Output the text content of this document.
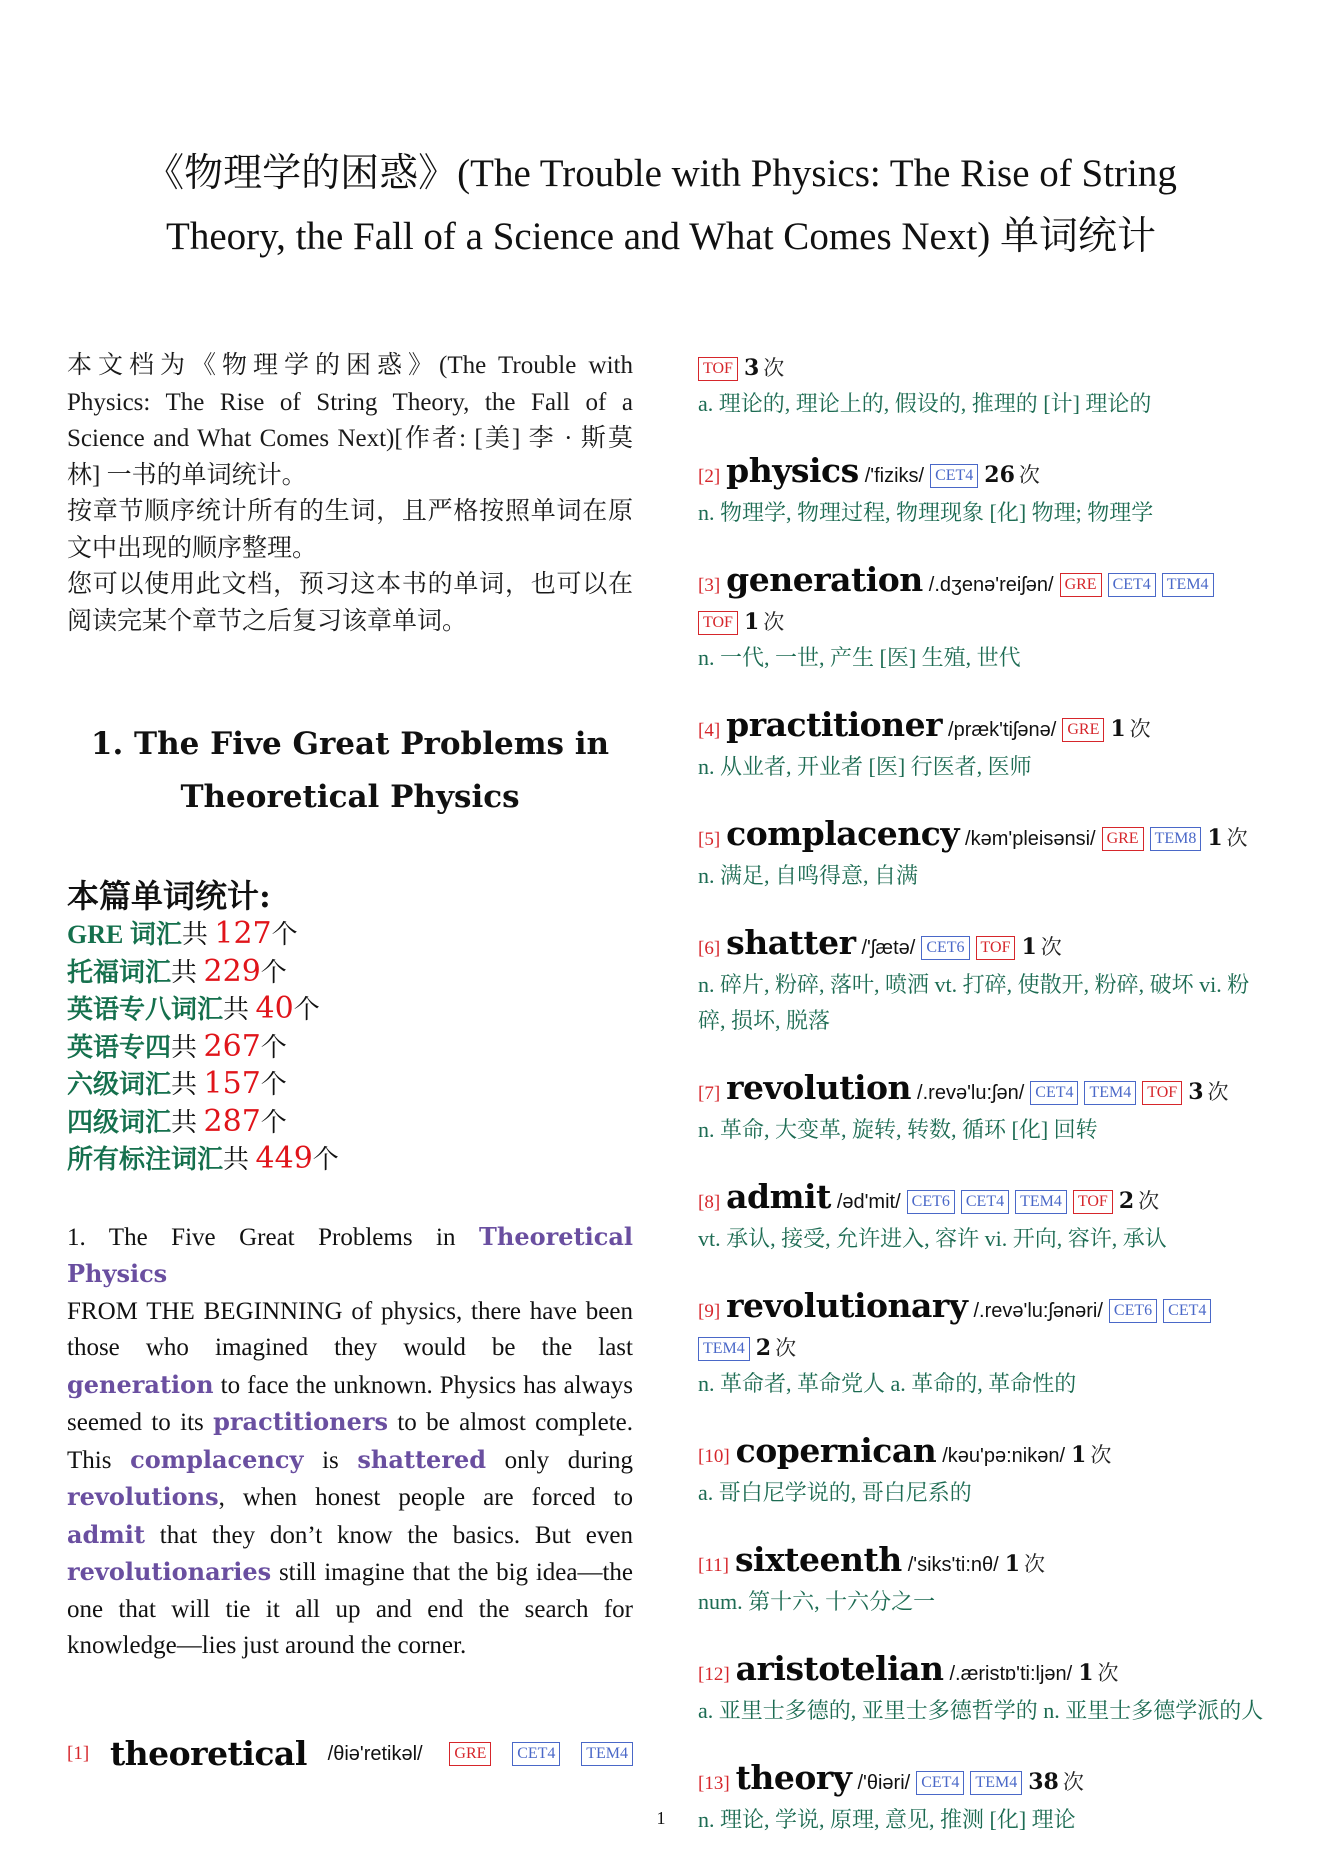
《物理学的困惑》(The Trouble with Physics: The Rise of String
Theory, the Fall of a Science and What Comes Next) 单词统计

本文档为《物理学的困惑》(The Trouble with Physics: The Rise of String Theory, the Fall of a Science and What Comes Next)[作者: [美] 李 · 斯莫林] 一书的单词统计。

按章节顺序统计所有的生词，且严格按照单词在原文中出现的顺序整理。

您可以使用此文档，预习这本书的单词，也可以在阅读完某个章节之后复习该章单词。

1. The Five Great Problems in
Theoretical Physics
本篇单词统计:
GRE 词汇共 127个
托福词汇共 229个
英语专八词汇共 40个
英语专四共 267个
六级词汇共 157个
四级词汇共 287个
所有标注词汇共 449个
1. The Five Great Problems in Theoretical Physics
FROM THE BEGINNING of physics, there have been those who imagined they would be the last generation to face the unknown. Physics has always seemed to its practitioners to be almost complete. This complacency is shattered only during revolutions, when honest people are forced to admit that they don’t know the basics. But even revolutionaries still imagine that the big idea—the one that will tie it all up and end the search for knowledge—lies just around the corner.
[1] theoretical /θiə'retikəl/	GRE	CET4	TEM4
TOF 3 次
a. 理论的, 理论上的, 假设的, 推理的 [计] 理论的
[2] physics /'fiziks/ CET4 26 次
n. 物理学, 物理过程, 物理现象 [化] 物理; 物理学
[3] generation /.dʒenə'reiʃən/ GRE CET4 TEM4
TOF 1 次
n. 一代, 一世, 产生 [医] 生殖, 世代
[4] practitioner /præk'tiʃənə/ GRE 1 次
n. 从业者, 开业者 [医] 行医者, 医师
[5] complacency /kəm'pleisənsi/ GRE TEM8 1 次
n. 满足, 自鸣得意, 自满
[6] shatter /'ʃætə/ CET6 TOF 1 次
n. 碎片, 粉碎, 落叶, 喷洒 vt. 打碎, 使散开, 粉碎, 破坏 vi. 粉碎, 损坏, 脱落
[7] revolution /.revə'lu:ʃən/ CET4 TEM4 TOF 3 次
n. 革命, 大变革, 旋转, 转数, 循环 [化] 回转
[8] admit /əd'mit/ CET6 CET4 TEM4 TOF 2 次
vt. 承认, 接受, 允许进入, 容许 vi. 开向, 容许, 承认
[9] revolutionary /.revə'lu:ʃənəri/ CET6 CET4
TEM4 2 次
n. 革命者, 革命党人 a. 革命的, 革命性的
[10] copernican /kəu'pə:nikən/ 1 次
a. 哥白尼学说的, 哥白尼系的
[11] sixteenth /'siks'ti:nθ/ 1 次
num. 第十六, 十六分之一
[12] aristotelian /.æristɒ'ti:ljən/ 1 次
a. 亚里士多德的, 亚里士多德哲学的 n. 亚里士多德学派的人
[13] theory /'θiəri/ CET4 TEM4 38 次
n. 理论, 学说, 原理, 意见, 推测 [化] 理论
1
